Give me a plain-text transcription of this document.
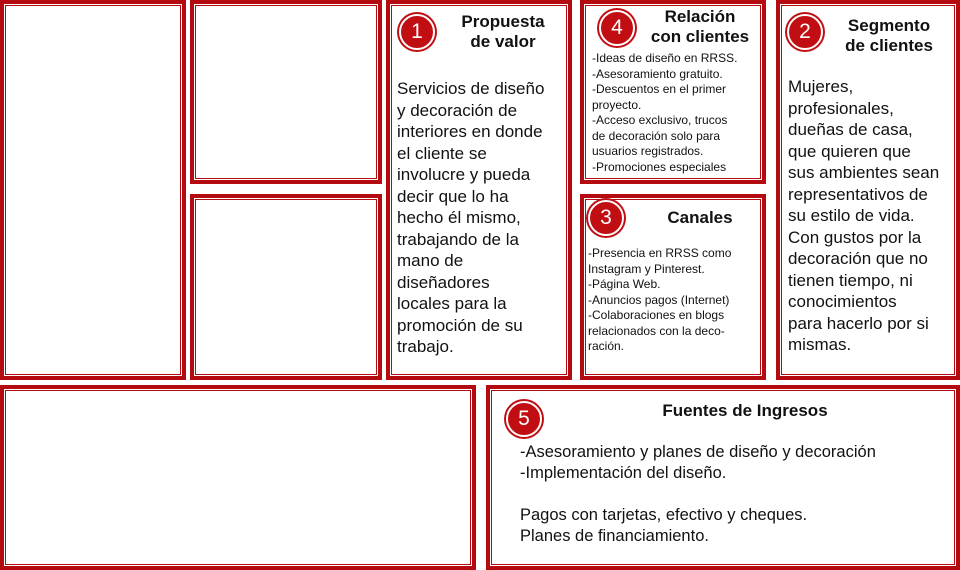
1	Propuesta
de valor
Servicios de diseño
y decoración de
interiores en donde
el cliente se
involucre y pueda
decir que lo ha
hecho él mismo,
trabajando de la
mano de
diseñadores
locales para la
promoción de su
trabajo.
4	Relación
con clientes
-Ideas de diseño en RRSS.
-Asesoramiento gratuito.
-Descuentos en el primer
proyecto.
-Acceso exclusivo, trucos
de decoración solo para
usuarios registrados.
-Promociones especiales
3	Canales
-Presencia en RRSS como
Instagram y Pinterest.
-Página Web.
-Anuncios pagos (Internet)
-Colaboraciones en blogs
relacionados con la deco-
ración.
2	Segmento
de clientes
Mujeres,
profesionales,
dueñas de casa,
que quieren que
sus ambientes sean
representativos de
su estilo de vida.
Con gustos por la
decoración que no
tienen tiempo, ni
conocimientos
para hacerlo por si
mismas.
5	Fuentes de Ingresos
-Asesoramiento y planes de diseño y decoración
-Implementación del diseño.
Pagos con tarjetas, efectivo y cheques.
Planes de financiamiento.
